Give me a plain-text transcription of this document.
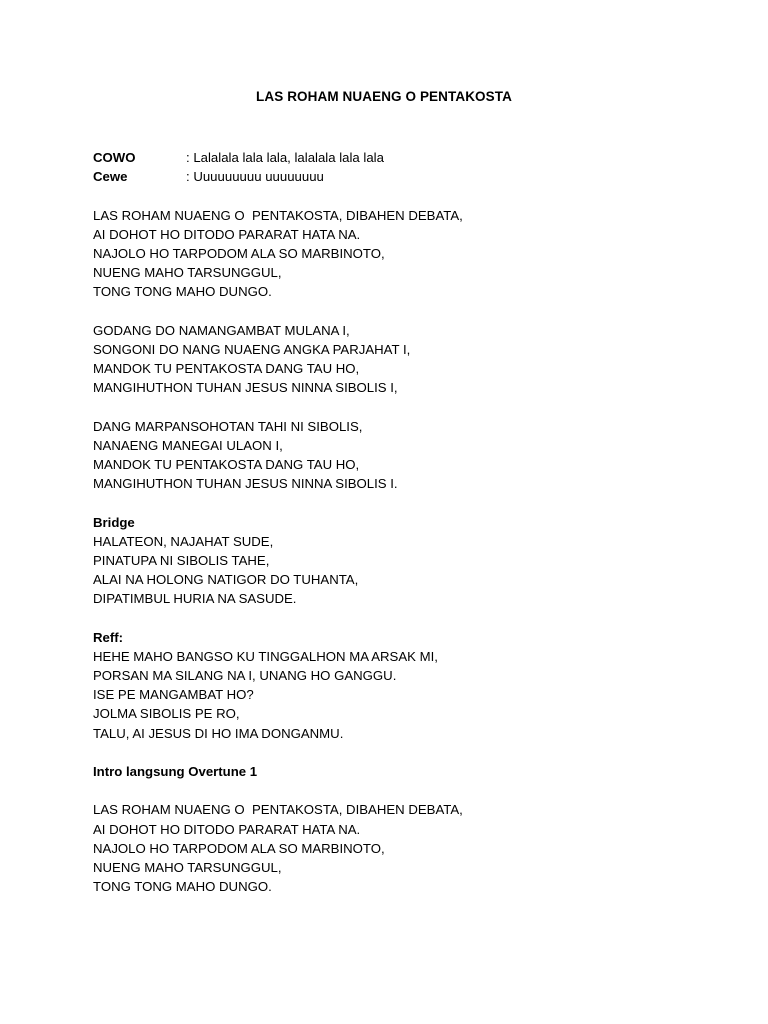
LAS ROHAM NUAENG O PENTAKOSTA
COWO	: Lalalala lala lala, lalalala lala lala
Cewe	: Uuuuuuuuu uuuuuuuu
LAS ROHAM NUAENG O  PENTAKOSTA, DIBAHEN DEBATA,
AI DOHOT HO DITODO PARARAT HATA NA.
NAJOLO HO TARPODOM ALA SO MARBINOTO,
NUENG MAHO TARSUNGGUL,
TONG TONG MAHO DUNGO.
GODANG DO NAMANGAMBAT MULANA I,
SONGONI DO NANG NUAENG ANGKA PARJAHAT I,
MANDOK TU PENTAKOSTA DANG TAU HO,
MANGIHUTHON TUHAN JESUS NINNA SIBOLIS I,
DANG MARPANSOHOTAN TAHI NI SIBOLIS,
NANAENG MANEGAI ULAON I,
MANDOK TU PENTAKOSTA DANG TAU HO,
MANGIHUTHON TUHAN JESUS NINNA SIBOLIS I.
Bridge
HALATEON, NAJAHAT SUDE,
PINATUPA NI SIBOLIS TAHE,
ALAI NA HOLONG NATIGOR DO TUHANTA,
DIPATIMBUL HURIA NA SASUDE.
Reff:
HEHE MAHO BANGSO KU TINGGALHON MA ARSAK MI,
PORSAN MA SILANG NA I, UNANG HO GANGGU.
ISE PE MANGAMBAT HO?
JOLMA SIBOLIS PE RO,
TALU, AI JESUS DI HO IMA DONGANMU.
Intro langsung Overtune 1
LAS ROHAM NUAENG O  PENTAKOSTA, DIBAHEN DEBATA,
AI DOHOT HO DITODO PARARAT HATA NA.
NAJOLO HO TARPODOM ALA SO MARBINOTO,
NUENG MAHO TARSUNGGUL,
TONG TONG MAHO DUNGO.
